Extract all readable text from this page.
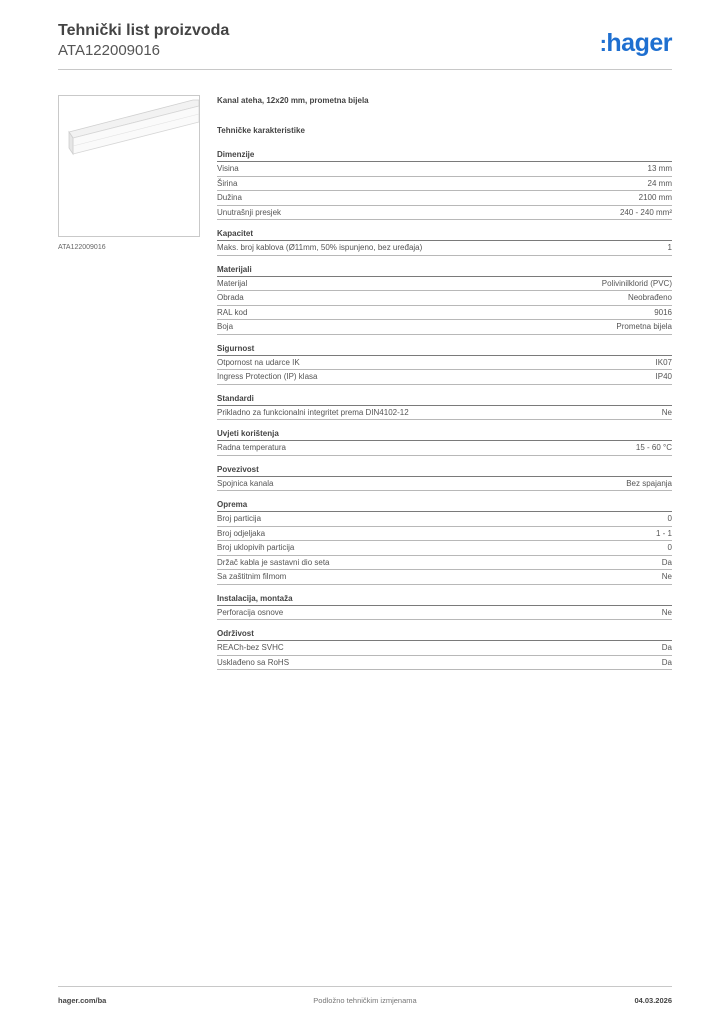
Tehnički list proizvoda
ATA122009016	:hager
ATA122009016
Kanal ateha, 12x20 mm, prometna bijela
Tehničke karakteristike
Dimenzije
Visina	13 mm
Širina	24 mm
Dužina	2100 mm
Unutrašnji presjek	240 - 240 mm²
Kapacitet
Maks. broj kablova (Ø11mm, 50% ispunjeno, bez uređaja)	1
Materijali
Materijal	Polivinilklorid (PVC)
Obrada	Neobrađeno
RAL kod	9016
Boja	Prometna bijela
Sigurnost
Otpornost na udarce IK	IK07
Ingress Protection (IP) klasa	IP40
Standardi
Prikladno za funkcionalni integritet prema DIN4102-12	Ne
Uvjeti korištenja
Radna temperatura	15 - 60 °C
Povezivost
Spojnica kanala	Bez spajanja
Oprema
Broj particija	0
Broj odjeljaka	1 - 1
Broj uklopivih particija	0
Držač kabla je sastavni dio seta	Da
Sa zaštitnim filmom	Ne
Instalacija, montaža
Perforacija osnove	Ne
Održivost
REACh-bez SVHC	Da
Usklađeno sa RoHS	Da
hager.com/ba	Podložno tehničkim izmjenama	04.03.2026
